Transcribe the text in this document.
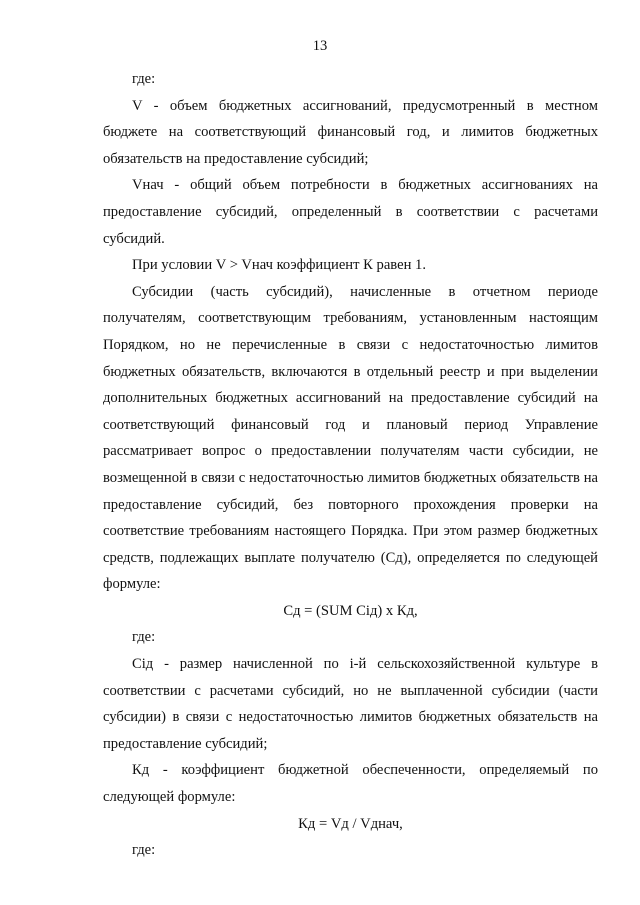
13

где:

V - объем бюджетных ассигнований, предусмотренный в местном бюджете на соответствующий финансовый год, и лимитов бюджетных обязательств на предоставление субсидий;

Vнач - общий объем потребности в бюджетных ассигнованиях на предоставление субсидий, определенный в соответствии с расчетами субсидий.

При условии V > Vнач коэффициент К равен 1.

Субсидии (часть субсидий), начисленные в отчетном периоде получателям, соответствующим требованиям, установленным настоящим Порядком, но не перечисленные в связи с недостаточностью лимитов бюджетных обязательств, включаются в отдельный реестр и при выделении дополнительных бюджетных ассигнований на предоставление субсидий на соответствующий финансовый год и плановый период Управление рассматривает вопрос о предоставлении получателям части субсидии, не возмещенной в связи с недостаточностью лимитов бюджетных обязательств на предоставление субсидий, без повторного прохождения проверки на соответствие требованиям настоящего Порядка. При этом размер бюджетных средств, подлежащих выплате получателю (Сд), определяется по следующей формуле:

Сд = (SUM Сiд) x Кд,

где:

Сiд - размер начисленной по i-й сельскохозяйственной культуре в соответствии с расчетами субсидий, но не выплаченной субсидии (части субсидии) в связи с недостаточностью лимитов бюджетных обязательств на предоставление субсидий;

Кд - коэффициент бюджетной обеспеченности, определяемый по следующей формуле:

Кд = Vд / Vднач,

где:
